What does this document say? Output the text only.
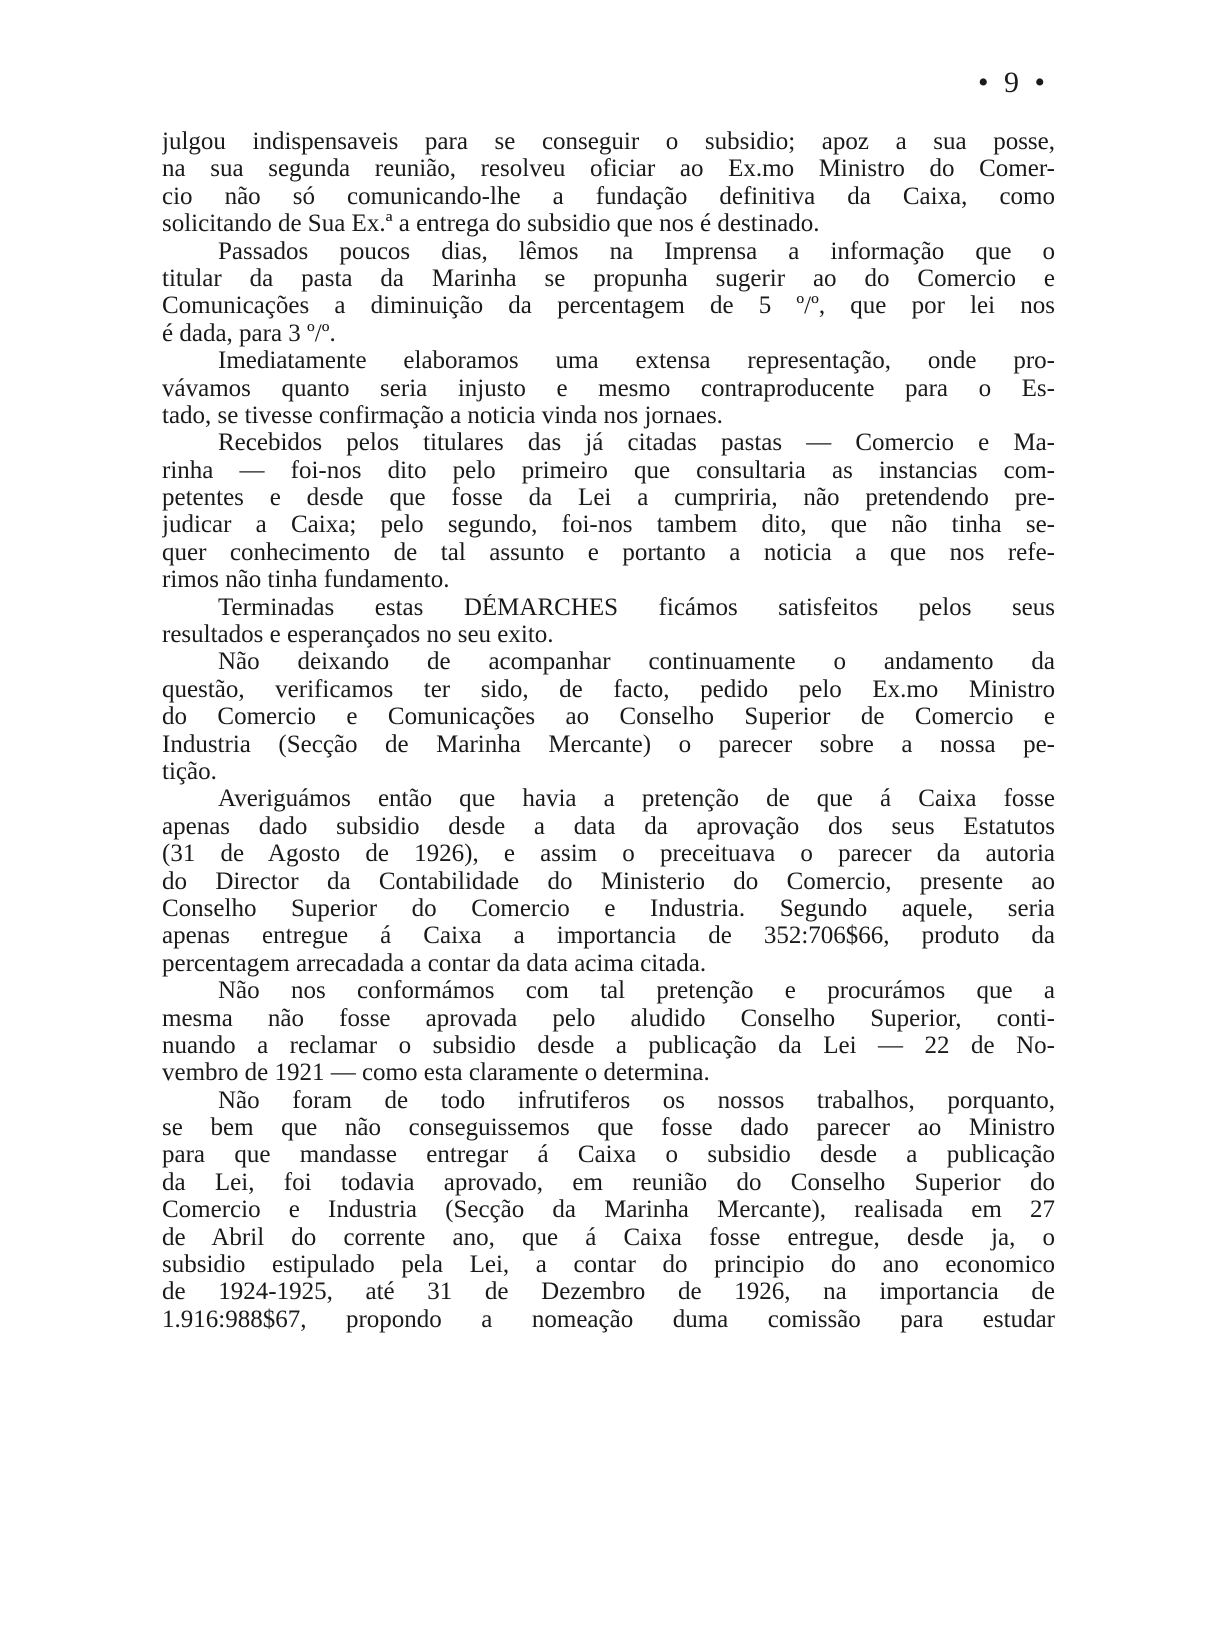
• 9 •
julgou indispensaveis para se conseguir o subsidio; apoz a sua posse,
na sua segunda reunião, resolveu oficiar ao Ex.mo Ministro do Comer-
cio não só comunicando-lhe a fundação definitiva da Caixa, como
solicitando de Sua Ex.ª a entrega do subsidio que nos é destinado.
Passados poucos dias, lêmos na Imprensa a informação que o
titular da pasta da Marinha se propunha sugerir ao do Comercio e
Comunicações a diminuição da percentagem de 5 º/º, que por lei nos
é dada, para 3 º/º.
Imediatamente elaboramos uma extensa representação, onde pro-
vávamos quanto seria injusto e mesmo contraproducente para o Es-
tado, se tivesse confirmação a noticia vinda nos jornaes.
Recebidos pelos titulares das já citadas pastas — Comercio e Ma-
rinha — foi-nos dito pelo primeiro que consultaria as instancias com-
petentes e desde que fosse da Lei a cumpriria, não pretendendo pre-
judicar a Caixa; pelo segundo, foi-nos tambem dito, que não tinha se-
quer conhecimento de tal assunto e portanto a noticia a que nos refe-
rimos não tinha fundamento.
Terminadas estas DÉMARCHES ficámos satisfeitos pelos seus
resultados e esperançados no seu exito.
Não deixando de acompanhar continuamente o andamento da
questão, verificamos ter sido, de facto, pedido pelo Ex.mo Ministro
do Comercio e Comunicações ao Conselho Superior de Comercio e
Industria (Secção de Marinha Mercante) o parecer sobre a nossa pe-
tição.
Averiguámos então que havia a pretenção de que á Caixa fosse
apenas dado subsidio desde a data da aprovação dos seus Estatutos
(31 de Agosto de 1926), e assim o preceituava o parecer da autoria
do Director da Contabilidade do Ministerio do Comercio, presente ao
Conselho Superior do Comercio e Industria. Segundo aquele, seria
apenas entregue á Caixa a importancia de 352:706$66, produto da
percentagem arrecadada a contar da data acima citada.
Não nos conformámos com tal pretenção e procurámos que a
mesma não fosse aprovada pelo aludido Conselho Superior, conti-
nuando a reclamar o subsidio desde a publicação da Lei — 22 de No-
vembro de 1921 — como esta claramente o determina.
Não foram de todo infrutiferos os nossos trabalhos, porquanto,
se bem que não conseguissemos que fosse dado parecer ao Ministro
para que mandasse entregar á Caixa o subsidio desde a publicação
da Lei, foi todavia aprovado, em reunião do Conselho Superior do
Comercio e Industria (Secção da Marinha Mercante), realisada em 27
de Abril do corrente ano, que á Caixa fosse entregue, desde ja, o
subsidio estipulado pela Lei, a contar do principio do ano economico
de 1924-1925, até 31 de Dezembro de 1926, na importancia de
1.916:988$67, propondo a nomeação duma comissão para estudar
